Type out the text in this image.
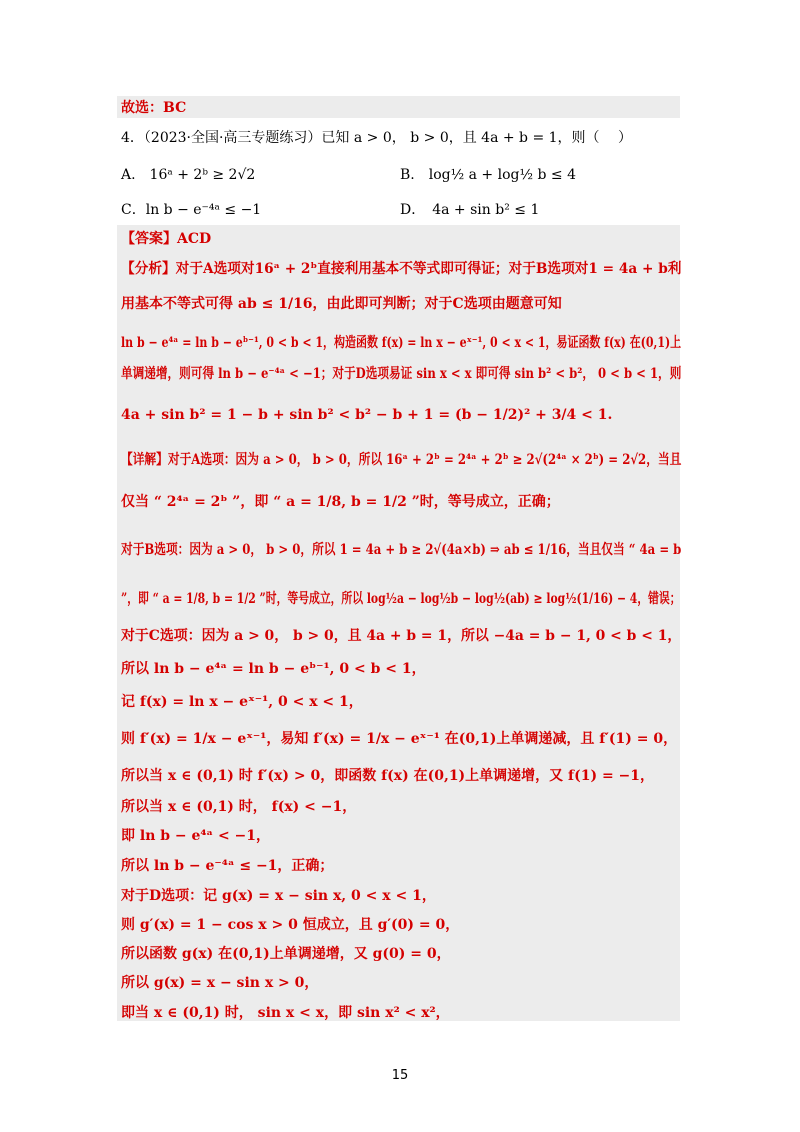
故选：BC
4．（2023·全国·高三专题练习）已知 a > 0， b > 0，且 4a + b = 1，则（　 ）
A.　16ᵃ + 2ᵇ ≥ 2√2	B.　log½ a + log½ b ≤ 4
C．ln b − e⁻⁴ᵃ ≤ −1	D．　4a + sin b² ≤ 1
【答案】ACD
【分析】对于A选项对16ᵃ + 2ᵇ直接利用基本不等式即可得证；对于B选项对1 = 4a + b利
用基本不等式可得 ab ≤ 1/16，由此即可判断；对于C选项由题意可知
ln b − e⁴ᵃ = ln b − eᵇ⁻¹, 0 < b < 1，构造函数 f(x) = ln x − eˣ⁻¹, 0 < x < 1，易证函数 f(x) 在(0,1)上
单调递增，则可得 ln b − e⁻⁴ᵃ < −1；对于D选项易证 sin x < x 即可得 sin b² < b²， 0 < b < 1，则
4a + sin b² = 1 − b + sin b² < b² − b + 1 = (b − 1/2)² + 3/4 < 1.
【详解】对于A选项：因为 a > 0， b > 0，所以 16ᵃ + 2ᵇ = 2⁴ᵃ + 2ᵇ ≥ 2√(2⁴ᵃ × 2ᵇ) = 2√2，当且
仅当 “ 2⁴ᵃ = 2ᵇ ”，即 “ a = 1/8, b = 1/2 ”时，等号成立，正确；
对于B选项：因为 a > 0， b > 0，所以 1 = 4a + b ≥ 2√(4a×b) ⇒ ab ≤ 1/16，当且仅当 “ 4a = b
”，即 “ a = 1/8, b = 1/2 ”时，等号成立，所以 log½a − log½b − log½(ab) ≥ log½(1/16) − 4，错误；
对于C选项：因为 a > 0， b > 0，且 4a + b = 1，所以 −4a = b − 1, 0 < b < 1，
所以 ln b − e⁴ᵃ = ln b − eᵇ⁻¹, 0 < b < 1，
记 f(x) = ln x − eˣ⁻¹, 0 < x < 1，
则 f′(x) = 1/x − eˣ⁻¹，易知 f′(x) = 1/x − eˣ⁻¹ 在(0,1)上单调递减，且 f′(1) = 0，
所以当 x ∈ (0,1) 时 f′(x) > 0，即函数 f(x) 在(0,1)上单调递增，又 f(1) = −1，
所以当 x ∈ (0,1) 时， f(x) < −1，
即 ln b − e⁴ᵃ < −1，
所以 ln b − e⁻⁴ᵃ ≤ −1，正确；
对于D选项：记 g(x) = x − sin x, 0 < x < 1，
则 g′(x) = 1 − cos x > 0 恒成立，且 g′(0) = 0，
所以函数 g(x) 在(0,1)上单调递增，又 g(0) = 0，
所以 g(x) = x − sin x > 0，
即当 x ∈ (0,1) 时， sin x < x，即 sin x² < x²，
15
